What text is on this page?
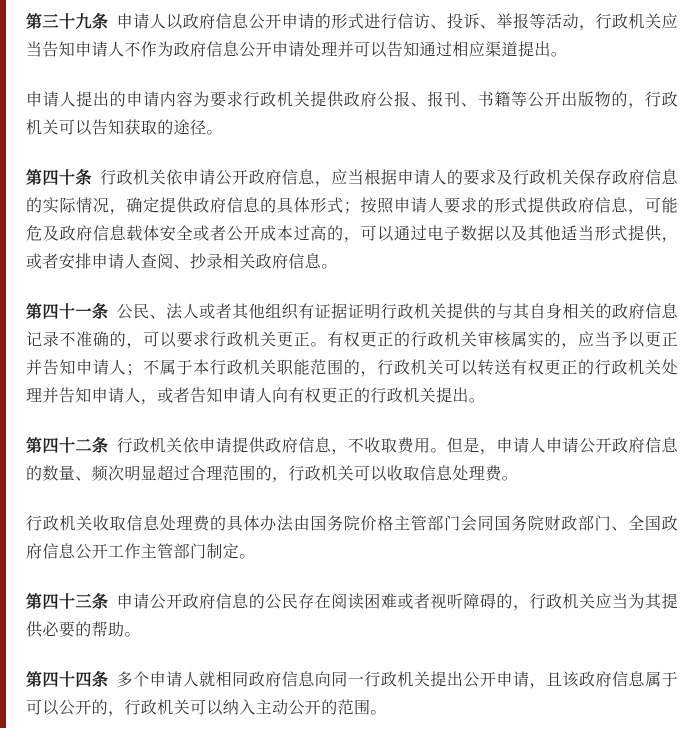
第三十九条 申请人以政府信息公开申请的形式进行信访、投诉、举报等活动，行政机关应当告知申请人不作为政府信息公开申请处理并可以告知通过相应渠道提出。

申请人提出的申请内容为要求行政机关提供政府公报、报刊、书籍等公开出版物的，行政机关可以告知获取的途径。

第四十条 行政机关依申请公开政府信息，应当根据申请人的要求及行政机关保存政府信息的实际情况，确定提供政府信息的具体形式；按照申请人要求的形式提供政府信息，可能危及政府信息载体安全或者公开成本过高的，可以通过电子数据以及其他适当形式提供，或者安排申请人查阅、抄录相关政府信息。

第四十一条 公民、法人或者其他组织有证据证明行政机关提供的与其自身相关的政府信息记录不准确的，可以要求行政机关更正。有权更正的行政机关审核属实的，应当予以更正并告知申请人；不属于本行政机关职能范围的，行政机关可以转送有权更正的行政机关处理并告知申请人，或者告知申请人向有权更正的行政机关提出。

第四十二条 行政机关依申请提供政府信息，不收取费用。但是，申请人申请公开政府信息的数量、频次明显超过合理范围的，行政机关可以收取信息处理费。

行政机关收取信息处理费的具体办法由国务院价格主管部门会同国务院财政部门、全国政府信息公开工作主管部门制定。

第四十三条 申请公开政府信息的公民存在阅读困难或者视听障碍的，行政机关应当为其提供必要的帮助。

第四十四条 多个申请人就相同政府信息向同一行政机关提出公开申请，且该政府信息属于可以公开的，行政机关可以纳入主动公开的范围。
